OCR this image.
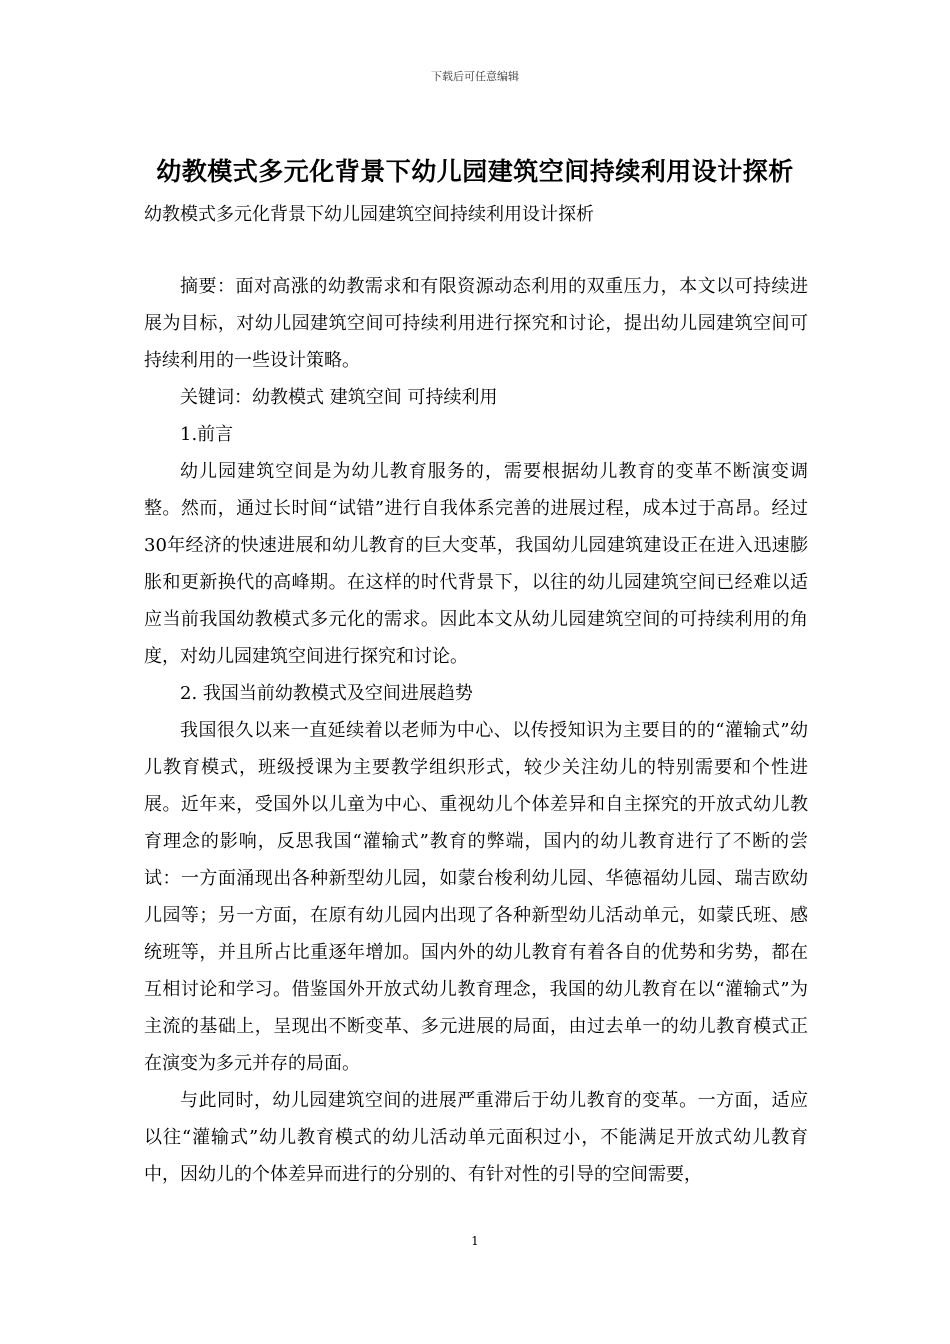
下载后可任意编辑
幼教模式多元化背景下幼儿园建筑空间持续利用设计探析
幼教模式多元化背景下幼儿园建筑空间持续利用设计探析

摘要：面对高涨的幼教需求和有限资源动态利用的双重压力，本文以可持续进展为目标，对幼儿园建筑空间可持续利用进行探究和讨论，提出幼儿园建筑空间可持续利用的一些设计策略。

关键词：幼教模式 建筑空间 可持续利用

1.前言

幼儿园建筑空间是为幼儿教育服务的，需要根据幼儿教育的变革不断演变调整。然而，通过长时间“试错”进行自我体系完善的进展过程，成本过于高昂。经过30年经济的快速进展和幼儿教育的巨大变革，我国幼儿园建筑建设正在进入迅速膨胀和更新换代的高峰期。在这样的时代背景下，以往的幼儿园建筑空间已经难以适应当前我国幼教模式多元化的需求。因此本文从幼儿园建筑空间的可持续利用的角度，对幼儿园建筑空间进行探究和讨论。

2. 我国当前幼教模式及空间进展趋势

我国很久以来一直延续着以老师为中心、以传授知识为主要目的的“灌输式”幼儿教育模式，班级授课为主要教学组织形式，较少关注幼儿的特别需要和个性进展。近年来，受国外以儿童为中心、重视幼儿个体差异和自主探究的开放式幼儿教育理念的影响，反思我国“灌输式”教育的弊端，国内的幼儿教育进行了不断的尝试：一方面涌现出各种新型幼儿园，如蒙台梭利幼儿园、华德福幼儿园、瑞吉欧幼儿园等；另一方面，在原有幼儿园内出现了各种新型幼儿活动单元，如蒙氏班、感统班等，并且所占比重逐年增加。国内外的幼儿教育有着各自的优势和劣势，都在互相讨论和学习。借鉴国外开放式幼儿教育理念，我国的幼儿教育在以“灌输式”为主流的基础上，呈现出不断变革、多元进展的局面，由过去单一的幼儿教育模式正在演变为多元并存的局面。

与此同时，幼儿园建筑空间的进展严重滞后于幼儿教育的变革。一方面，适应以往“灌输式”幼儿教育模式的幼儿活动单元面积过小，不能满足开放式幼儿教育中，因幼儿的个体差异而进行的分别的、有针对性的引导的空间需要，

1
